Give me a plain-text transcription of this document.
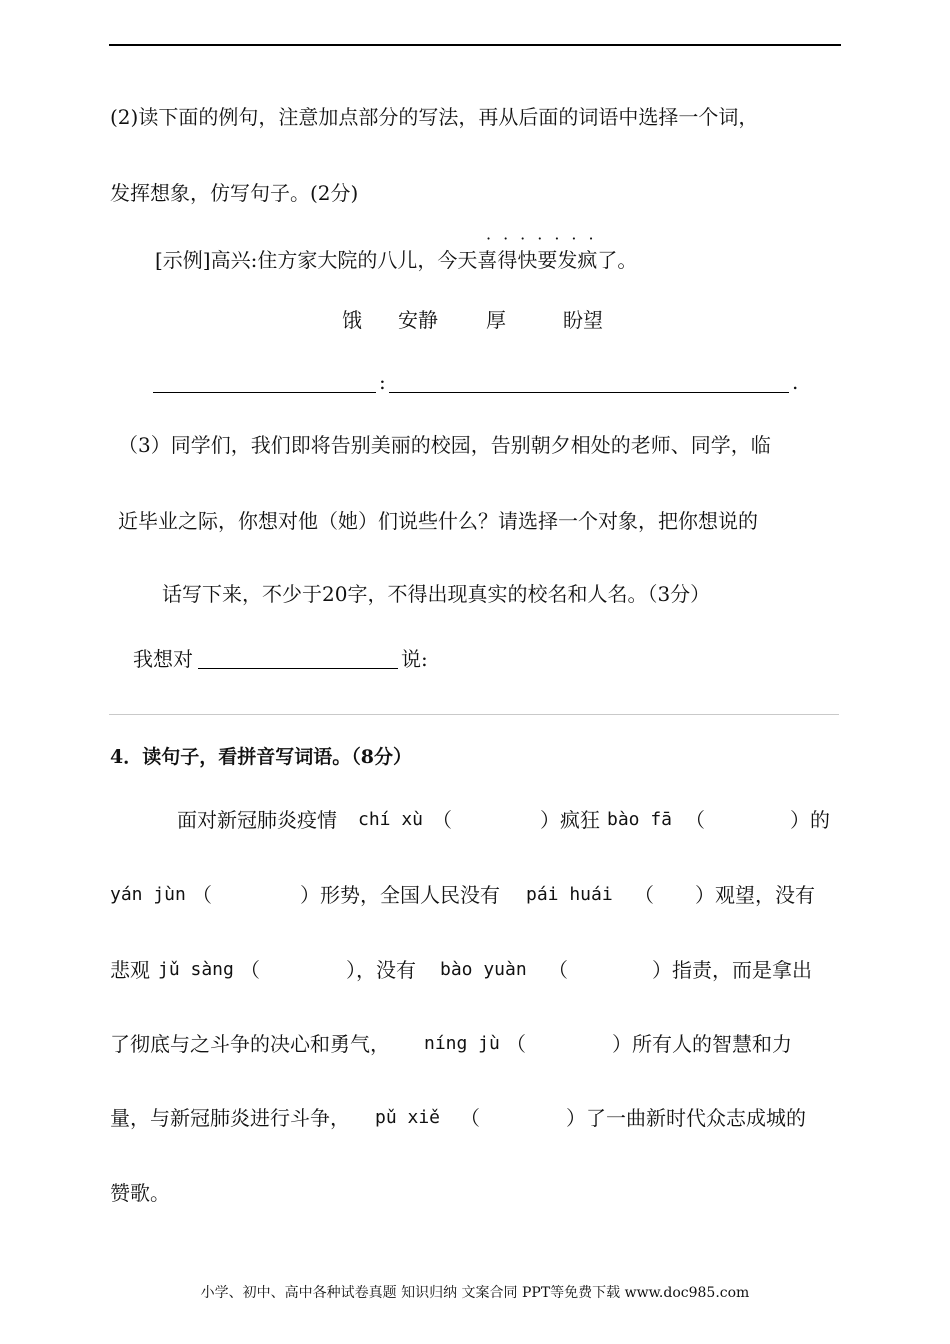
(2)读下面的例句，注意加点部分的写法，再从后面的词语中选择一个词，
发挥想象，仿写句子。(2分)
·······
[示例]高兴:住方家大院的八儿，今天喜得快要发疯了。
饿 安静 厚	盼望
:	.
（3）同学们，我们即将告别美丽的校园，告别朝夕相处的老师、同学，临
近毕业之际，你想对他（她）们说些什么？请选择一个对象，把你想说的
话写下来，不少于20字，不得出现真实的校名和人名。（3分）
我想对	说:
4．读句子，看拼音写词语。（8分）
面对新冠肺炎疫情 chí xù （	）疯狂 bào fā （	）的
yán jùn （	）形势，全国人民没有 pái huái （ ）观望，没有
悲观 jǔ sàng （	），没有 bào yuàn （	）指责，而是拿出
了彻底与之斗争的决心和勇气， níng jù （	）所有人的智慧和力
量，与新冠肺炎进行斗争， pǔ xiě （	）了一曲新时代众志成城的
赞歌。
小学、初中、高中各种试卷真题 知识归纳 文案合同 PPT等免费下载 www.doc985.com
